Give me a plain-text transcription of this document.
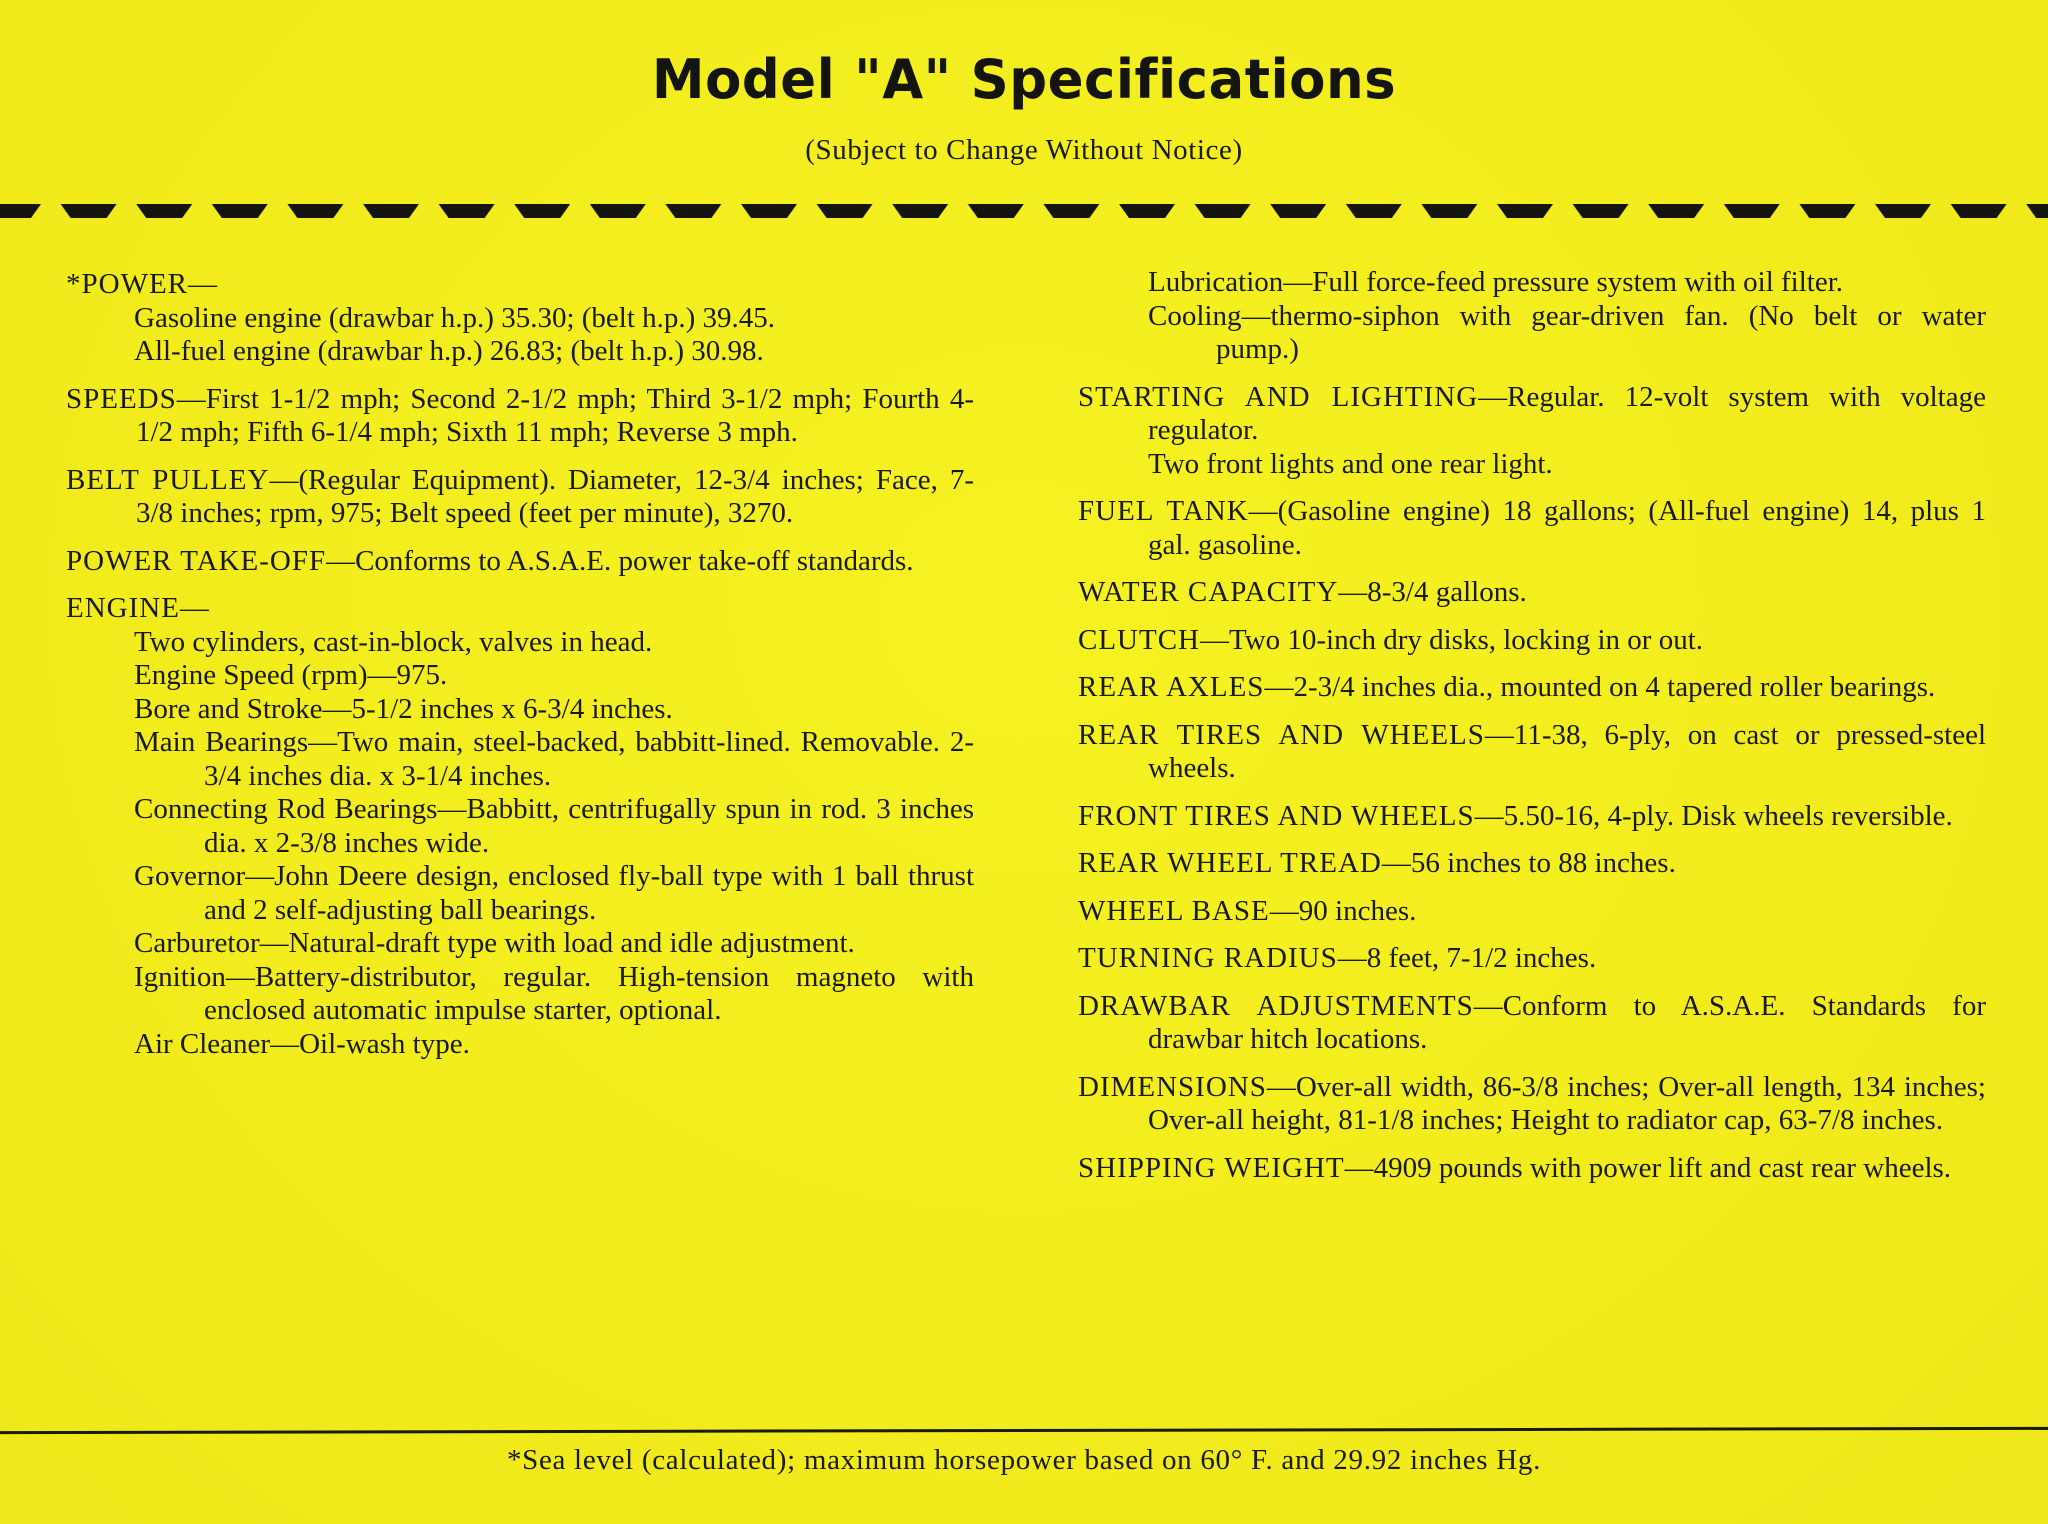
Model "A" Specifications
(Subject to Change Without Notice)

*POWER—

Gasoline engine (drawbar h.p.) 35.30; (belt h.p.) 39.45.

All-fuel engine (drawbar h.p.) 26.83; (belt h.p.) 30.98.

SPEEDS—First 1-1/2 mph; Second 2-1/2 mph; Third 3-1/2 mph; Fourth 4-1/2 mph; Fifth 6-1/4 mph; Sixth 11 mph; Reverse 3 mph.

BELT PULLEY—(Regular Equipment). Diameter, 12-3/4 inches; Face, 7-3/8 inches; rpm, 975; Belt speed (feet per minute), 3270.

POWER TAKE-OFF—Conforms to A.S.A.E. power take-off standards.

ENGINE—

Two cylinders, cast-in-block, valves in head.

Engine Speed (rpm)—975.

Bore and Stroke—5-1/2 inches x 6-3/4 inches.

Main Bearings—Two main, steel-backed, babbitt-lined. Removable. 2-3/4 inches dia. x 3-1/4 inches.

Connecting Rod Bearings—Babbitt, centrifugally spun in rod. 3 inches dia. x 2-3/8 inches wide.

Governor—John Deere design, enclosed fly-ball type with 1 ball thrust and 2 self-adjusting ball bearings.

Carburetor—Natural-draft type with load and idle adjustment.

Ignition—Battery-distributor, regular. High-tension magneto with enclosed automatic impulse starter, optional.

Air Cleaner—Oil-wash type.

Lubrication—Full force-feed pressure system with oil filter.

Cooling—thermo-siphon with gear-driven fan. (No belt or water pump.)

STARTING AND LIGHTING—Regular. 12-volt system with voltage regulator.

Two front lights and one rear light.

FUEL TANK—(Gasoline engine) 18 gallons; (All-fuel engine) 14, plus 1 gal. gasoline.

WATER CAPACITY—8-3/4 gallons.

CLUTCH—Two 10-inch dry disks, locking in or out.

REAR AXLES—2-3/4 inches dia., mounted on 4 tapered roller bearings.

REAR TIRES AND WHEELS—11-38, 6-ply, on cast or pressed-steel wheels.

FRONT TIRES AND WHEELS—5.50-16, 4-ply. Disk wheels reversible.

REAR WHEEL TREAD—56 inches to 88 inches.

WHEEL BASE—90 inches.

TURNING RADIUS—8 feet, 7-1/2 inches.

DRAWBAR ADJUSTMENTS—Conform to A.S.A.E. Standards for drawbar hitch locations.

DIMENSIONS—Over-all width, 86-3/8 inches; Over-all length, 134 inches; Over-all height, 81-1/8 inches; Height to radiator cap, 63-7/8 inches.

SHIPPING WEIGHT—4909 pounds with power lift and cast rear wheels.

*Sea level (calculated); maximum horsepower based on 60° F. and 29.92 inches Hg.
